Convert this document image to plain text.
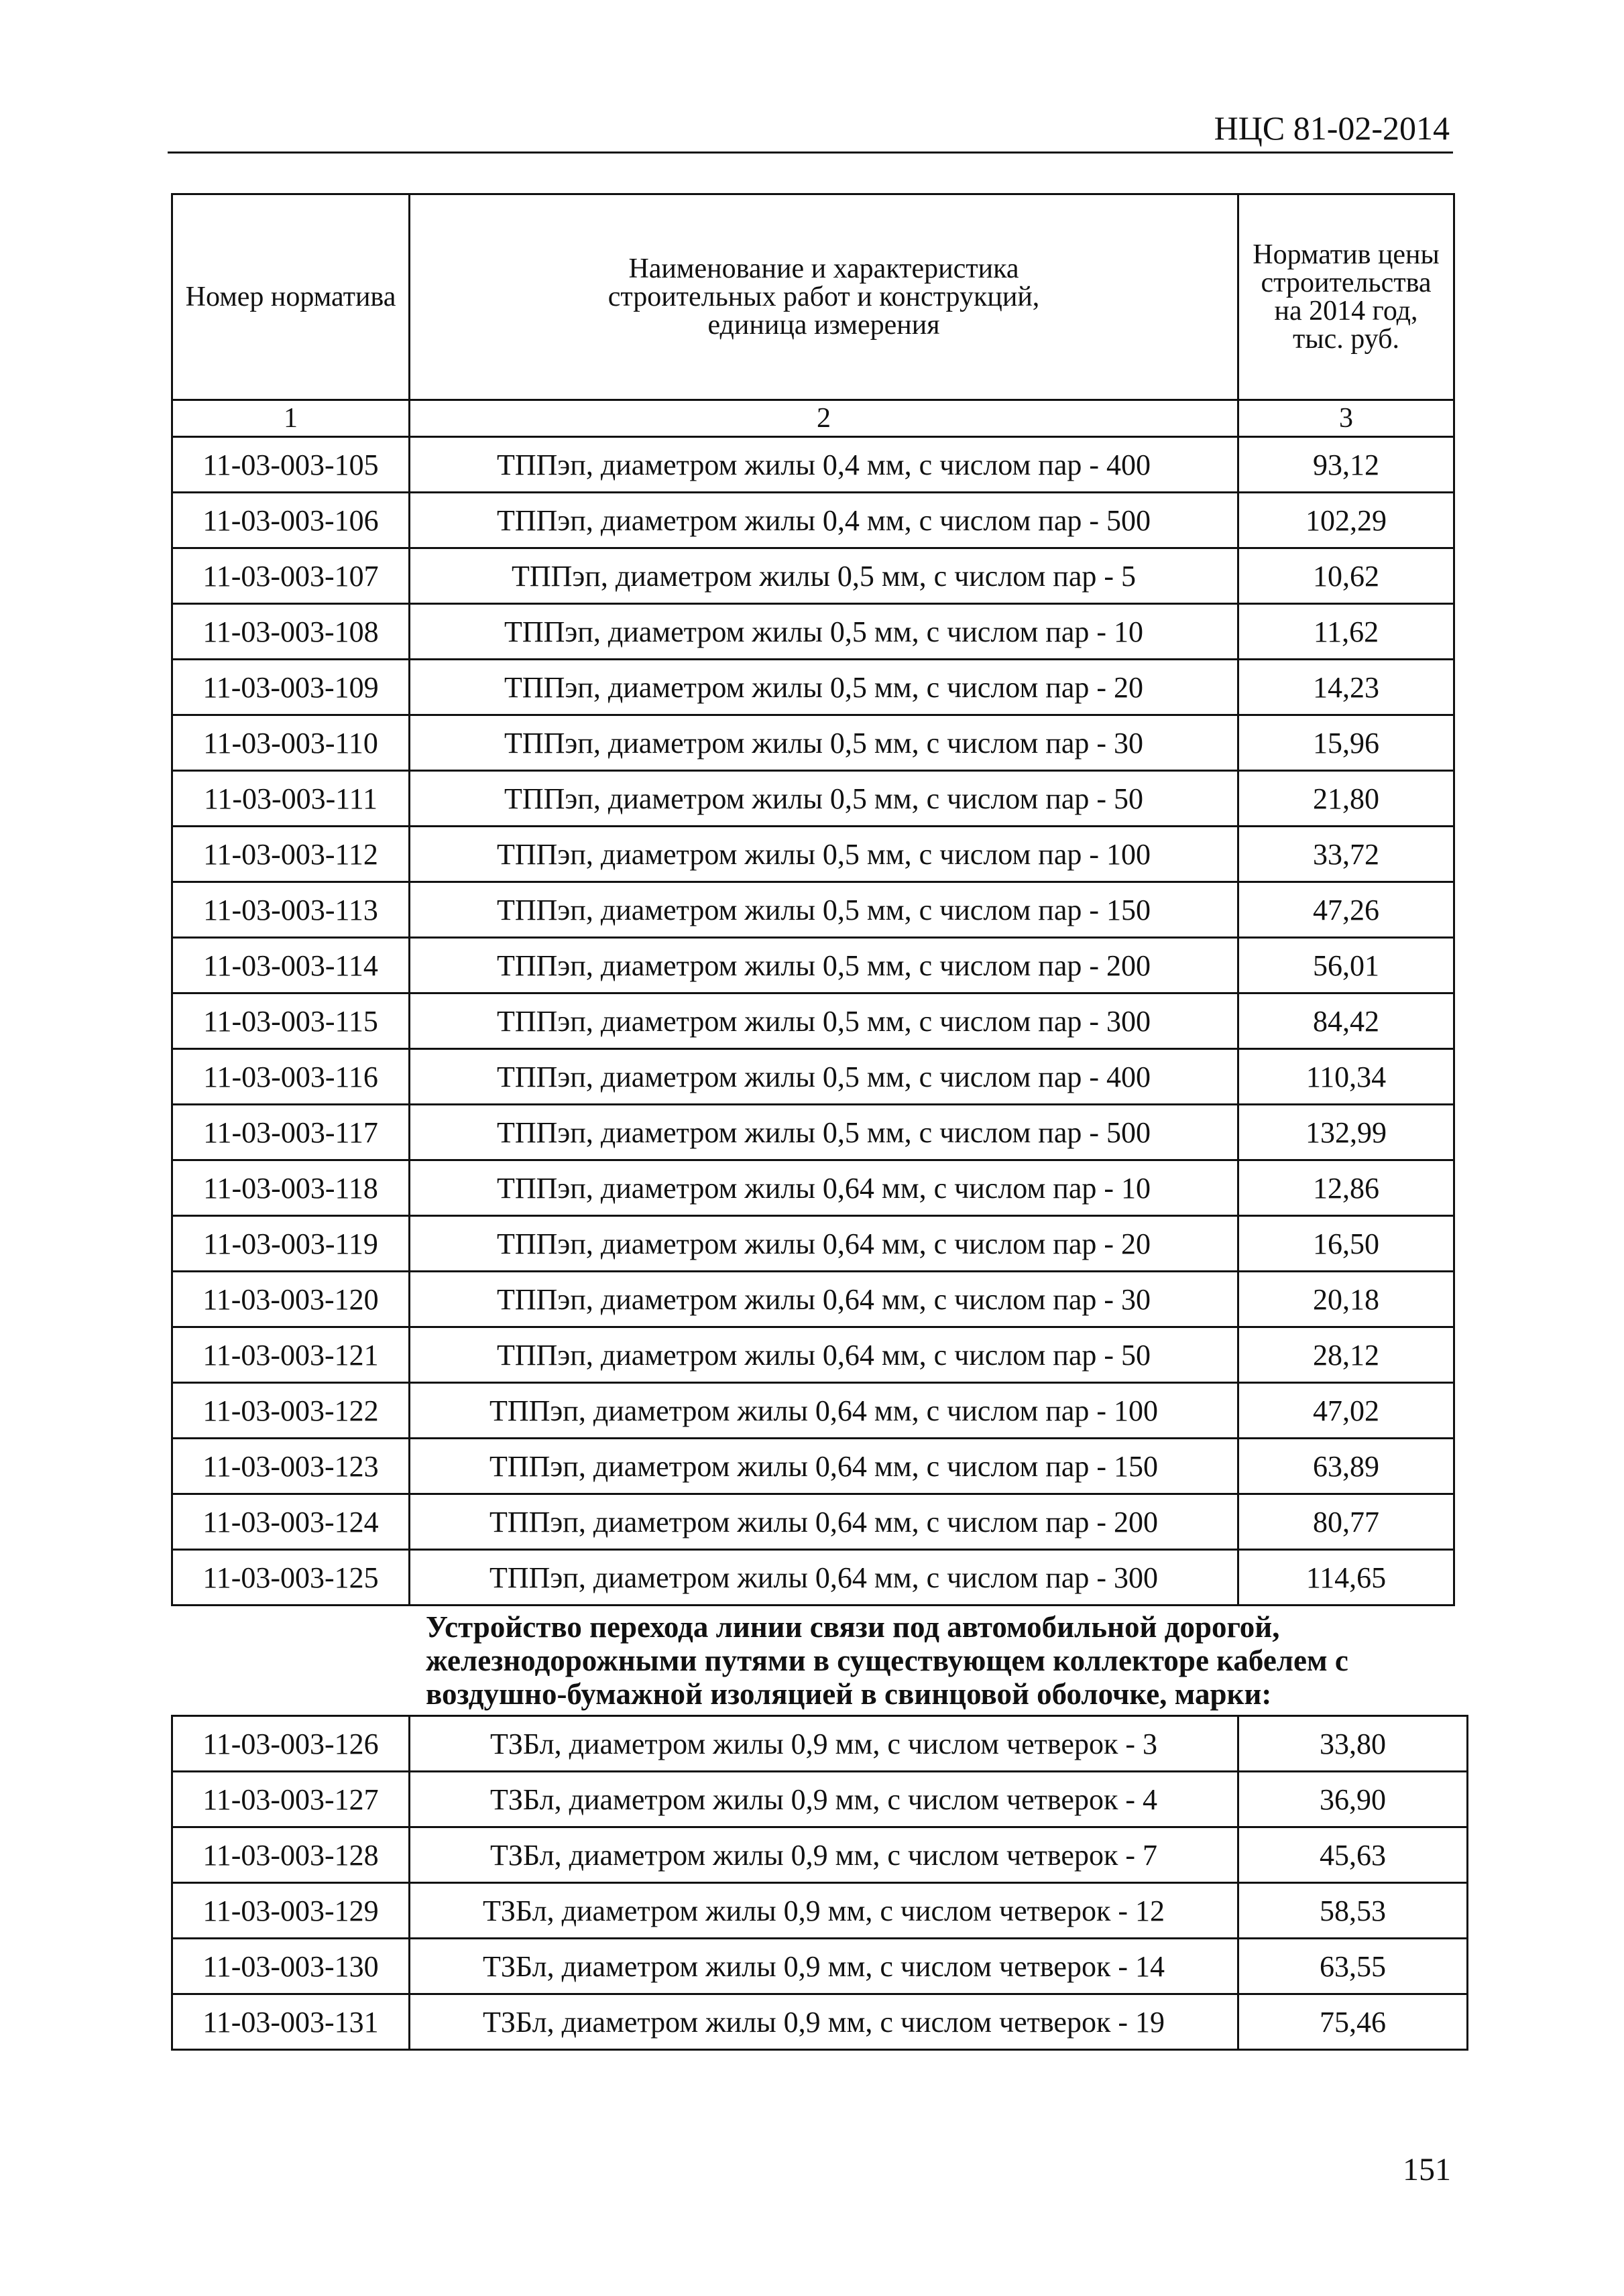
НЦС 81-02-2014
Номер норматива	Наименование и характеристика строительных работ и конструкций, единица измерения	Норматив цены строительства на 2014 год, тыс. руб.
1	2	3
11-03-003-105	ТППэп, диаметром жилы 0,4 мм, с числом пар - 400	93,12
11-03-003-106	ТППэп, диаметром жилы 0,4 мм, с числом пар - 500	102,29
11-03-003-107	ТППэп, диаметром жилы 0,5 мм, с числом пар - 5	10,62
11-03-003-108	ТППэп, диаметром жилы 0,5 мм, с числом пар - 10	11,62
11-03-003-109	ТППэп, диаметром жилы 0,5 мм, с числом пар - 20	14,23
11-03-003-110	ТППэп, диаметром жилы 0,5 мм, с числом пар - 30	15,96
11-03-003-111	ТППэп, диаметром жилы 0,5 мм, с числом пар - 50	21,80
11-03-003-112	ТППэп, диаметром жилы 0,5 мм, с числом пар - 100	33,72
11-03-003-113	ТППэп, диаметром жилы 0,5 мм, с числом пар - 150	47,26
11-03-003-114	ТППэп, диаметром жилы 0,5 мм, с числом пар - 200	56,01
11-03-003-115	ТППэп, диаметром жилы 0,5 мм, с числом пар - 300	84,42
11-03-003-116	ТППэп, диаметром жилы 0,5 мм, с числом пар - 400	110,34
11-03-003-117	ТППэп, диаметром жилы 0,5 мм, с числом пар - 500	132,99
11-03-003-118	ТППэп, диаметром жилы 0,64 мм, с числом пар - 10	12,86
11-03-003-119	ТППэп, диаметром жилы 0,64 мм, с числом пар - 20	16,50
11-03-003-120	ТППэп, диаметром жилы 0,64 мм, с числом пар - 30	20,18
11-03-003-121	ТППэп, диаметром жилы 0,64 мм, с числом пар - 50	28,12
11-03-003-122	ТППэп, диаметром жилы 0,64 мм, с числом пар - 100	47,02
11-03-003-123	ТППэп, диаметром жилы 0,64 мм, с числом пар - 150	63,89
11-03-003-124	ТППэп, диаметром жилы 0,64 мм, с числом пар - 200	80,77
11-03-003-125	ТППэп, диаметром жилы 0,64 мм, с числом пар - 300	114,65
Устройство перехода линии связи под автомобильной дорогой,
железнодорожными путями в существующем коллекторе кабелем с
воздушно-бумажной изоляцией в свинцовой оболочке, марки:
11-03-003-126	ТЗБл, диаметром жилы 0,9 мм, с числом четверок - 3	33,80
11-03-003-127	ТЗБл, диаметром жилы 0,9 мм, с числом четверок - 4	36,90
11-03-003-128	ТЗБл, диаметром жилы 0,9 мм, с числом четверок - 7	45,63
11-03-003-129	ТЗБл, диаметром жилы 0,9 мм, с числом четверок - 12	58,53
11-03-003-130	ТЗБл, диаметром жилы 0,9 мм, с числом четверок - 14	63,55
11-03-003-131	ТЗБл, диаметром жилы 0,9 мм, с числом четверок - 19	75,46
151
